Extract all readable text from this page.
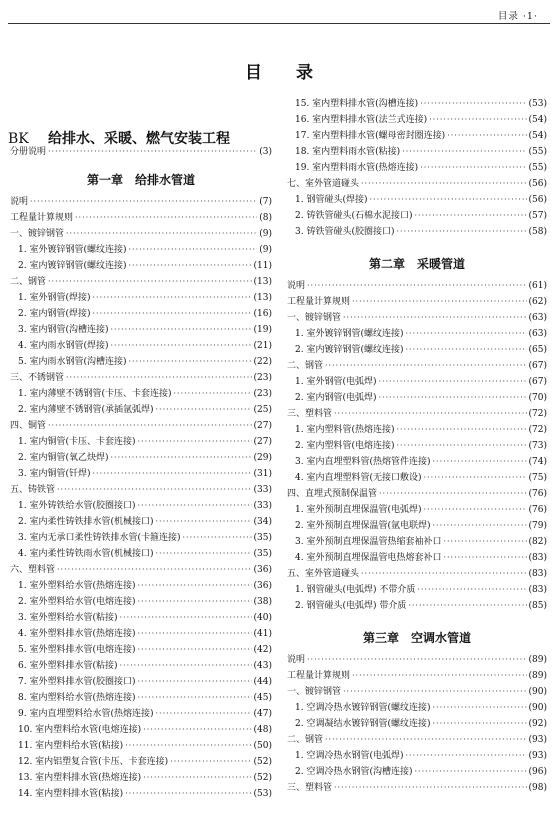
目录 ·1·
目录
BK 给排水、采暖、燃气安装工程
分册说明 ·····	(3)
第一章　给排水管道
说明 ·····	(7)
工程量计算规则 ·····	(8)
一、镀锌钢管 ·····	(9)
1. 室外镀锌钢管(螺纹连接) ·····	(9)
2. 室内镀锌钢管(螺纹连接) ·····	(11)
二、钢管 ·····	(13)
1. 室外钢管(焊接) ·····	(13)
2. 室内钢管(焊接) ·····	(16)
3. 室内钢管(沟槽连接) ·····	(19)
4. 室内雨水钢管(焊接) ·····	(21)
5. 室内雨水钢管(沟槽连接) ·····	(22)
三、不锈钢管 ·····	(23)
1. 室内薄壁不锈钢管(卡压、卡套连接) ·····	(23)
2. 室内薄壁不锈钢管(承插氩弧焊) ·····	(25)
四、铜管 ·····	(27)
1. 室内铜管(卡压、卡套连接) ·····	(27)
2. 室内铜管(氧乙炔焊) ·····	(29)
3. 室内铜管(钎焊) ·····	(31)
五、铸铁管 ·····	(33)
1. 室外铸铁给水管(胶圈接口) ·····	(33)
2. 室内柔性铸铁排水管(机械接口) ·····	(34)
3. 室内无承口柔性铸铁排水管(卡箍连接) ·····	(35)
4. 室内柔性铸铁雨水管(机械接口) ·····	(35)
六、塑料管 ·····	(36)
1. 室外塑料给水管(热熔连接) ·····	(36)
2. 室外塑料给水管(电熔连接) ·····	(38)
3. 室外塑料给水管(粘接) ·····	(40)
4. 室外塑料排水管(热熔连接) ·····	(41)
5. 室外塑料排水管(电熔连接) ·····	(42)
6. 室外塑料排水管(粘接) ·····	(43)
7. 室外塑料排水管(胶圈接口) ·····	(44)
8. 室内塑料给水管(热熔连接) ·····	(45)
9. 室内直埋塑料给水管(热熔连接) ·····	(47)
10. 室内塑料给水管(电熔连接) ·····	(48)
11. 室内塑料给水管(粘接) ·····	(50)
12. 室内铝塑复合管(卡压、卡套连接) ·····	(52)
13. 室内塑料排水管(热熔连接) ·····	(52)
14. 室内塑料排水管(粘接) ·····	(53)
15. 室内塑料排水管(沟槽连接) ·····	(53)
16. 室内塑料排水管(法兰式连接) ·····	(54)
17. 室内塑料排水管(螺母密封圈连接) ·····	(54)
18. 室内塑料雨水管(粘接) ·····	(55)
19. 室内塑料雨水管(热熔连接) ·····	(55)
七、室外管道碰头 ·····	(56)
1. 钢管碰头(焊接) ·····	(56)
2. 铸铁管碰头(石棉水泥接口) ·····	(57)
3. 铸铁管碰头(胶圈接口) ·····	(58)
第二章　采暖管道
说明 ·····	(61)
工程量计算规则 ·····	(62)
一、镀锌钢管 ·····	(63)
1. 室外镀锌钢管(螺纹连接) ·····	(63)
2. 室内镀锌钢管(螺纹连接) ·····	(65)
二、钢管 ·····	(67)
1. 室外钢管(电弧焊) ·····	(67)
2. 室内钢管(电弧焊) ·····	(70)
三、塑料管 ·····	(72)
1. 室内塑料管(热熔连接) ·····	(72)
2. 室内塑料管(电熔连接) ·····	(73)
3. 室内直埋塑料管(热熔管件连接) ·····	(74)
4. 室内直埋塑料管(无接口敷设) ·····	(75)
四、直埋式预制保温管 ·····	(76)
1. 室外预制直埋保温管(电弧焊) ·····	(76)
2. 室外预制直埋保温管(氩电联焊) ·····	(79)
3. 室外预制直埋保温管热缩套袖补口 ·····	(82)
4. 室外预制直埋保温管电热熔套补口 ·····	(83)
五、室外管道碰头 ·····	(83)
1. 钢管碰头(电弧焊) 不带介质 ·····	(83)
2. 钢管碰头(电弧焊) 带介质 ·····	(85)
第三章　空调水管道
说明 ·····	(89)
工程量计算规则 ·····	(89)
一、镀锌钢管 ·····	(90)
1. 空调冷热水镀锌钢管(螺纹连接) ·····	(90)
2. 空调凝结水镀锌钢管(螺纹连接) ·····	(92)
二、钢管 ·····	(93)
1. 空调冷热水钢管(电弧焊) ·····	(93)
2. 空调冷热水钢管(沟槽连接) ·····	(96)
三、塑料管 ·····	(98)
